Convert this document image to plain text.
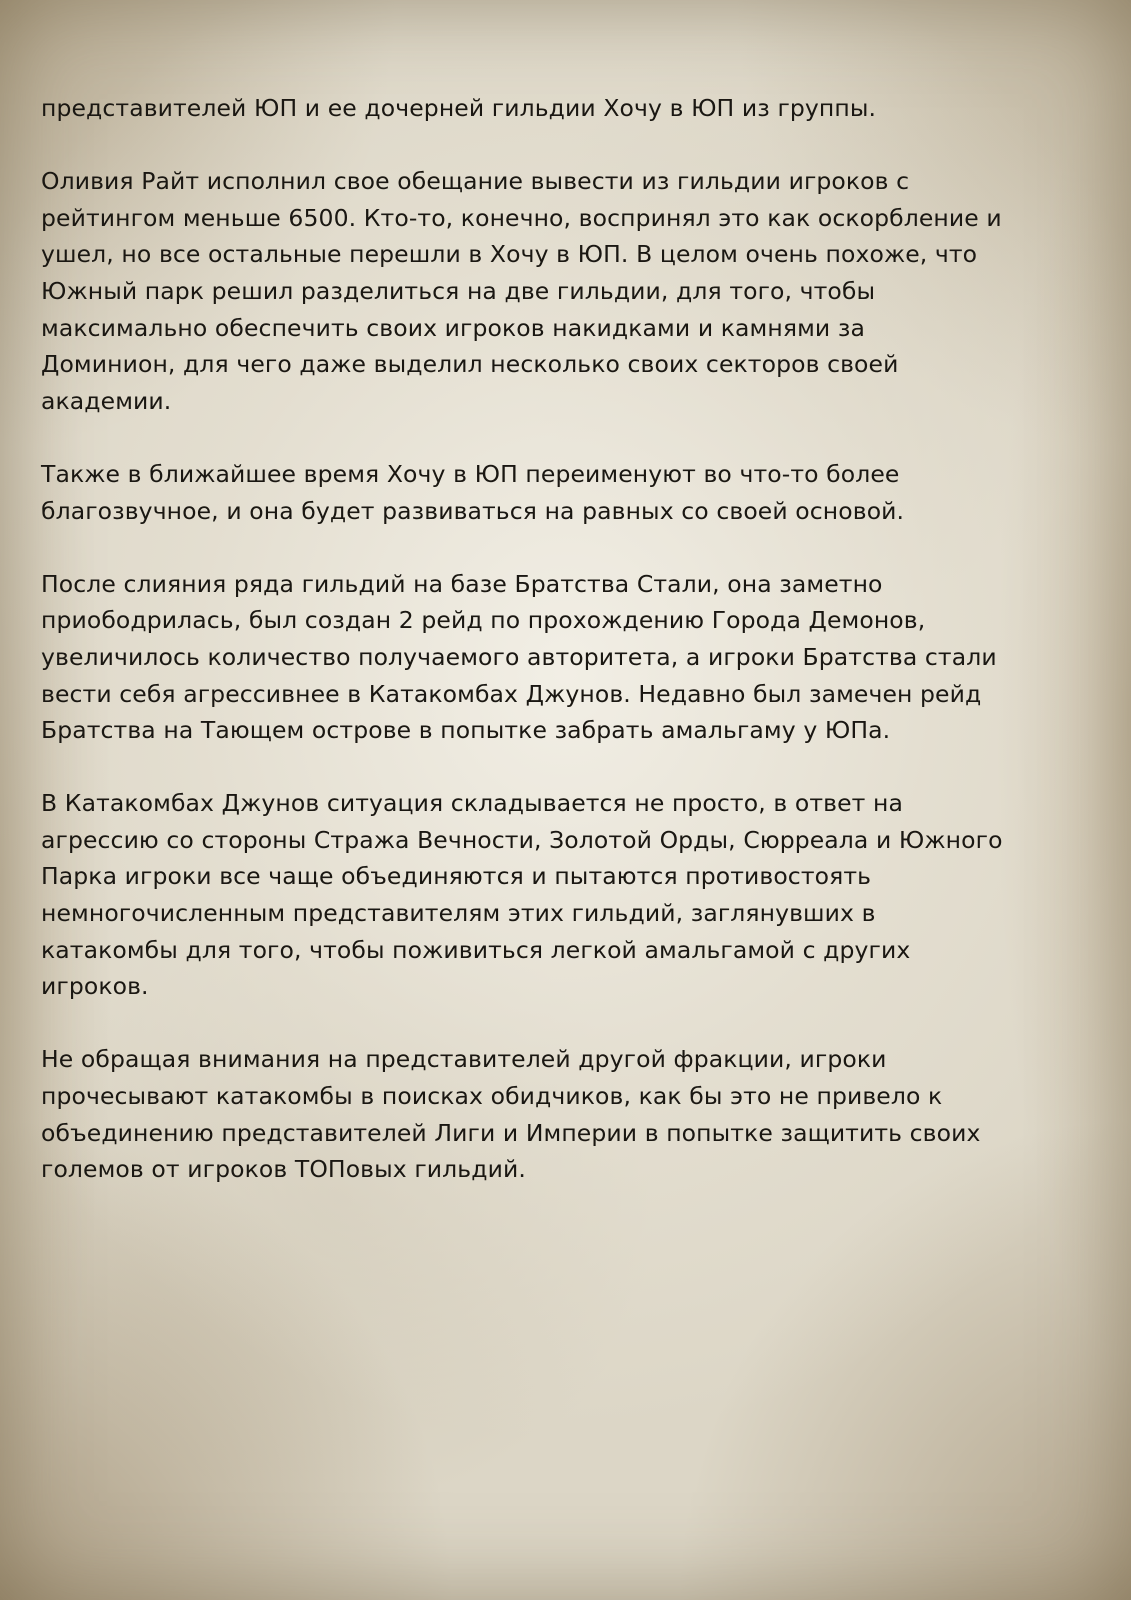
представителей ЮП и ее дочерней гильдии Хочу в ЮП из группы.
Оливия Райт исполнил свое обещание вывести из гильдии игроков с
рейтингом меньше 6500. Кто-то, конечно, воспринял это как оскорбление и
ушел, но все остальные перешли в Хочу в ЮП. В целом очень похоже, что
Южный парк решил разделиться на две гильдии, для того, чтобы
максимально обеспечить своих игроков накидками и камнями за
Доминион, для чего даже выделил несколько своих секторов своей
академии.
Также в ближайшее время Хочу в ЮП переименуют во что-то более
благозвучное, и она будет развиваться на равных со своей основой.
После слияния ряда гильдий на базе Братства Стали, она заметно
приободрилась, был создан 2 рейд по прохождению Города Демонов,
увеличилось количество получаемого авторитета, а игроки Братства стали
вести себя агрессивнее в Катакомбах Джунов. Недавно был замечен рейд
Братства на Тающем острове в попытке забрать амальгаму у ЮПа.
В Катакомбах Джунов ситуация складывается не просто, в ответ на
агрессию со стороны Стража Вечности, Золотой Орды, Сюрреала и Южного
Парка игроки все чаще объединяются и пытаются противостоять
немногочисленным представителям этих гильдий, заглянувших в
катакомбы для того, чтобы поживиться легкой амальгамой с других
игроков.
Не обращая внимания на представителей другой фракции, игроки
прочесывают катакомбы в поисках обидчиков, как бы это не привело к
объединению представителей Лиги и Империи в попытке защитить своих
големов от игроков ТОПовых гильдий.
